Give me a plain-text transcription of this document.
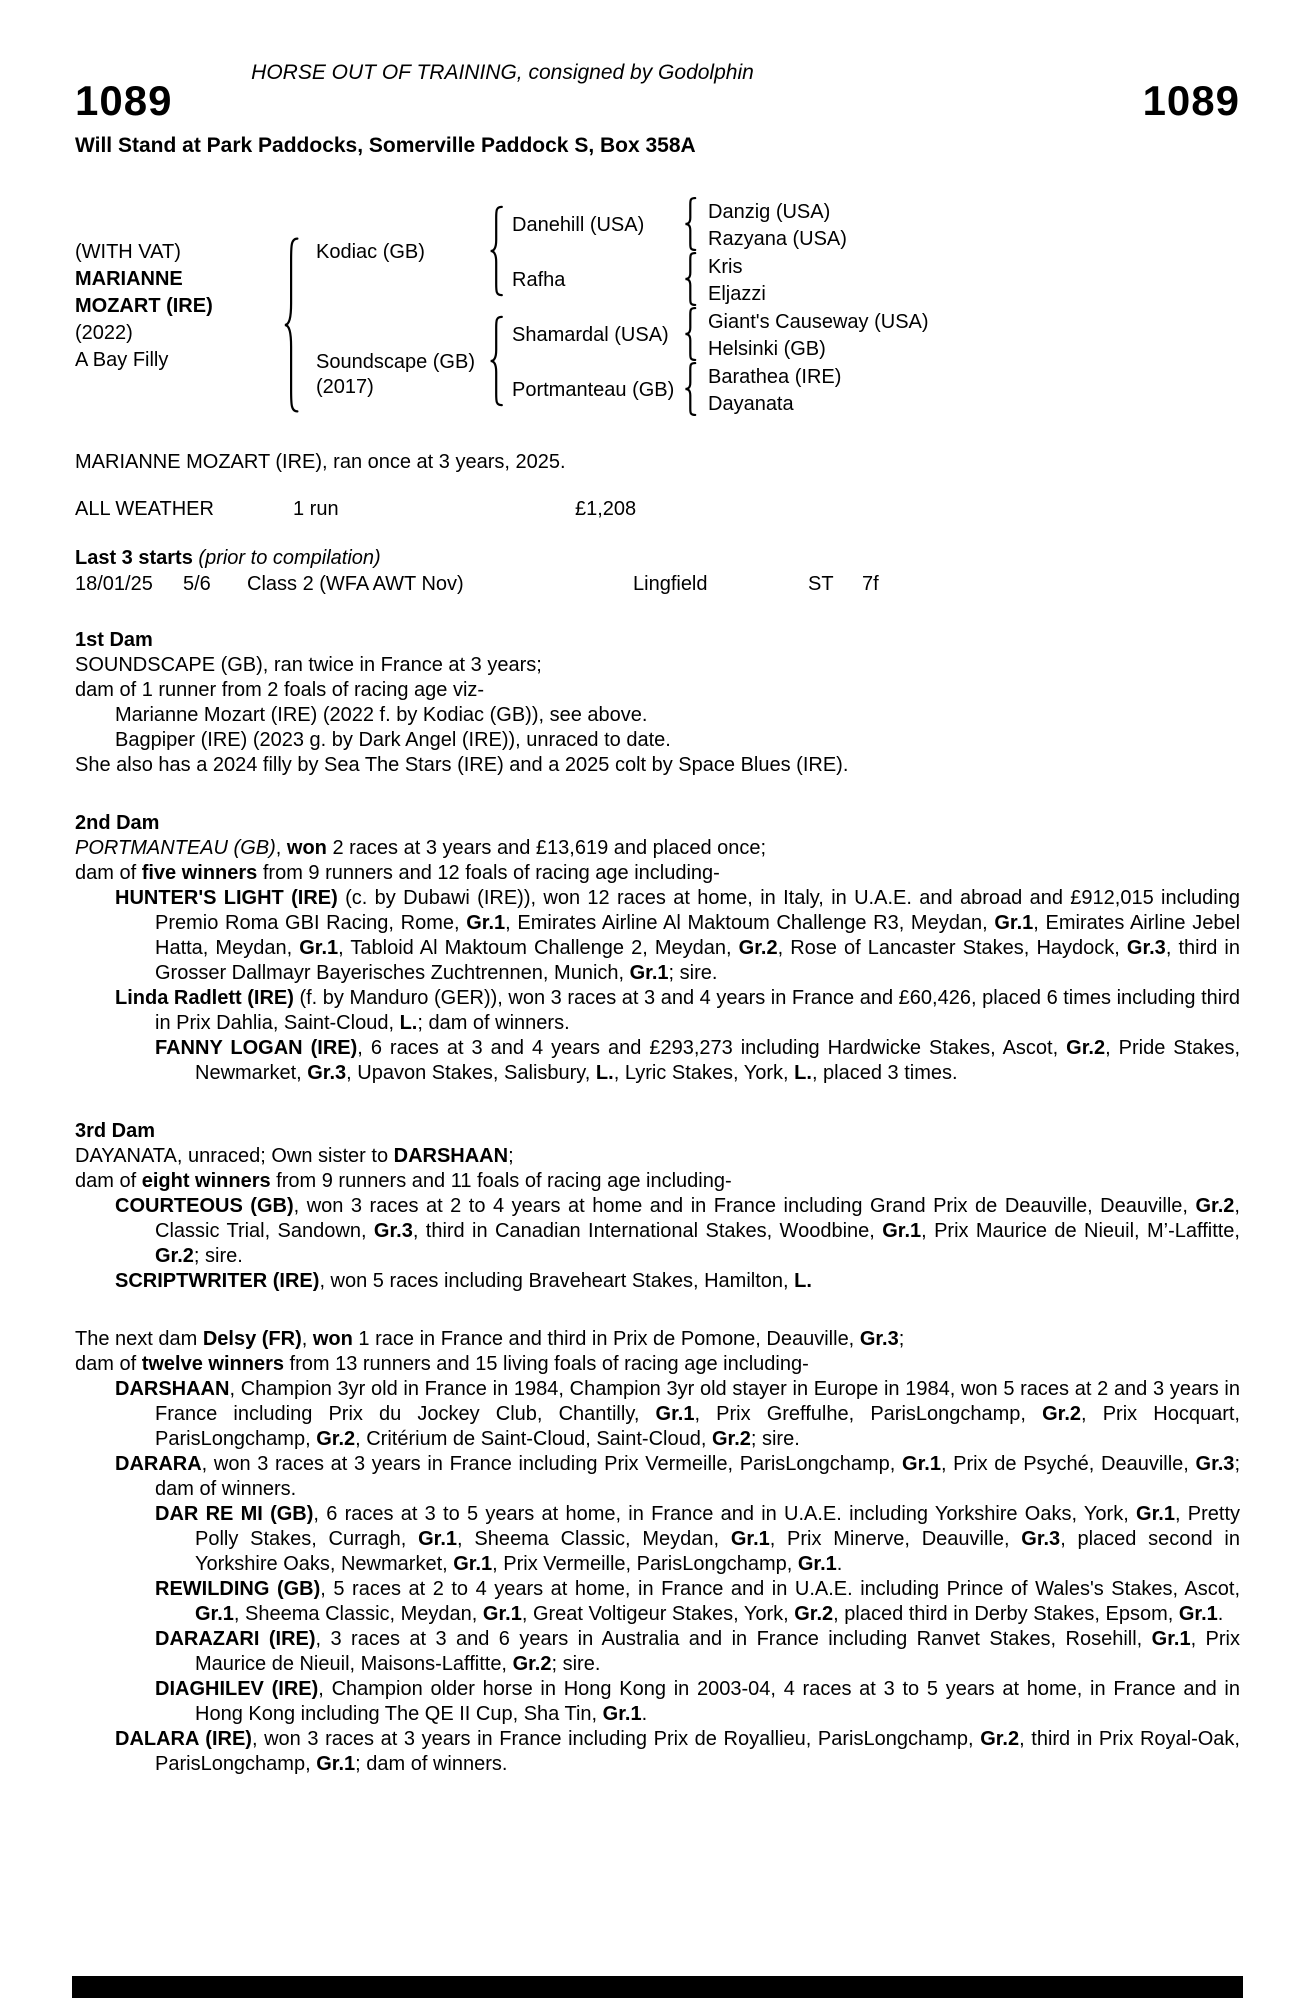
HORSE OUT OF TRAINING, consigned by Godolphin
1089	1089
Will Stand at Park Paddocks, Somerville Paddock S, Box 358A
(WITH VAT)
MARIANNE
MOZART (IRE)
(2022)
A Bay Filly
Kodiac (GB)
Soundscape (GB)
(2017)
Danehill (USA)
Rafha
Shamardal (USA)
Portmanteau (GB)
Danzig (USA)
Razyana (USA)
Kris
Eljazzi
Giant's Causeway (USA)
Helsinki (GB)
Barathea (IRE)
Dayanata
MARIANNE MOZART (IRE), ran once at 3 years, 2025.
ALL WEATHER	1 run	£1,208
Last 3 starts (prior to compilation)
18/01/25 5/6 Class 2 (WFA AWT Nov)	Lingfield	ST 7f
1st Dam
SOUNDSCAPE (GB), ran twice in France at 3 years;
dam of 1 runner from 2 foals of racing age viz-
Marianne Mozart (IRE) (2022 f. by Kodiac (GB)), see above.
Bagpiper (IRE) (2023 g. by Dark Angel (IRE)), unraced to date.
She also has a 2024 filly by Sea The Stars (IRE) and a 2025 colt by Space Blues (IRE).
2nd Dam
PORTMANTEAU (GB), won 2 races at 3 years and £13,619 and placed once;
dam of five winners from 9 runners and 12 foals of racing age including-
HUNTER'S LIGHT (IRE) (c. by Dubawi (IRE)), won 12 races at home, in Italy, in U.A.E. and abroad and £912,015 including Premio Roma GBI Racing, Rome, Gr.1, Emirates Airline Al Maktoum Challenge R3, Meydan, Gr.1, Emirates Airline Jebel Hatta, Meydan, Gr.1, Tabloid Al Maktoum Challenge 2, Meydan, Gr.2, Rose of Lancaster Stakes, Haydock, Gr.3, third in Grosser Dallmayr Bayerisches Zuchtrennen, Munich, Gr.1; sire.
Linda Radlett (IRE) (f. by Manduro (GER)), won 3 races at 3 and 4 years in France and £60,426, placed 6 times including third in Prix Dahlia, Saint-Cloud, L.; dam of winners.
FANNY LOGAN (IRE), 6 races at 3 and 4 years and £293,273 including Hardwicke Stakes, Ascot, Gr.2, Pride Stakes, Newmarket, Gr.3, Upavon Stakes, Salisbury, L., Lyric Stakes, York, L., placed 3 times.
3rd Dam
DAYANATA, unraced; Own sister to DARSHAAN;
dam of eight winners from 9 runners and 11 foals of racing age including-
COURTEOUS (GB), won 3 races at 2 to 4 years at home and in France including Grand Prix de Deauville, Deauville, Gr.2, Classic Trial, Sandown, Gr.3, third in Canadian International Stakes, Woodbine, Gr.1, Prix Maurice de Nieuil, M’-Laffitte, Gr.2; sire.
SCRIPTWRITER (IRE), won 5 races including Braveheart Stakes, Hamilton, L.
The next dam Delsy (FR), won 1 race in France and third in Prix de Pomone, Deauville, Gr.3;
dam of twelve winners from 13 runners and 15 living foals of racing age including-
DARSHAAN, Champion 3yr old in France in 1984, Champion 3yr old stayer in Europe in 1984, won 5 races at 2 and 3 years in France including Prix du Jockey Club, Chantilly, Gr.1, Prix Greffulhe, ParisLongchamp, Gr.2, Prix Hocquart, ParisLongchamp, Gr.2, Critérium de Saint-Cloud, Saint-Cloud, Gr.2; sire.
DARARA, won 3 races at 3 years in France including Prix Vermeille, ParisLongchamp, Gr.1, Prix de Psyché, Deauville, Gr.3; dam of winners.
DAR RE MI (GB), 6 races at 3 to 5 years at home, in France and in U.A.E. including Yorkshire Oaks, York, Gr.1, Pretty Polly Stakes, Curragh, Gr.1, Sheema Classic, Meydan, Gr.1, Prix Minerve, Deauville, Gr.3, placed second in Yorkshire Oaks, Newmarket, Gr.1, Prix Vermeille, ParisLongchamp, Gr.1.
REWILDING (GB), 5 races at 2 to 4 years at home, in France and in U.A.E. including Prince of Wales's Stakes, Ascot, Gr.1, Sheema Classic, Meydan, Gr.1, Great Voltigeur Stakes, York, Gr.2, placed third in Derby Stakes, Epsom, Gr.1.
DARAZARI (IRE), 3 races at 3 and 6 years in Australia and in France including Ranvet Stakes, Rosehill, Gr.1, Prix Maurice de Nieuil, Maisons-Laffitte, Gr.2; sire.
DIAGHILEV (IRE), Champion older horse in Hong Kong in 2003-04, 4 races at 3 to 5 years at home, in France and in Hong Kong including The QE II Cup, Sha Tin, Gr.1.
DALARA (IRE), won 3 races at 3 years in France including Prix de Royallieu, ParisLongchamp, Gr.2, third in Prix Royal-Oak, ParisLongchamp, Gr.1; dam of winners.
